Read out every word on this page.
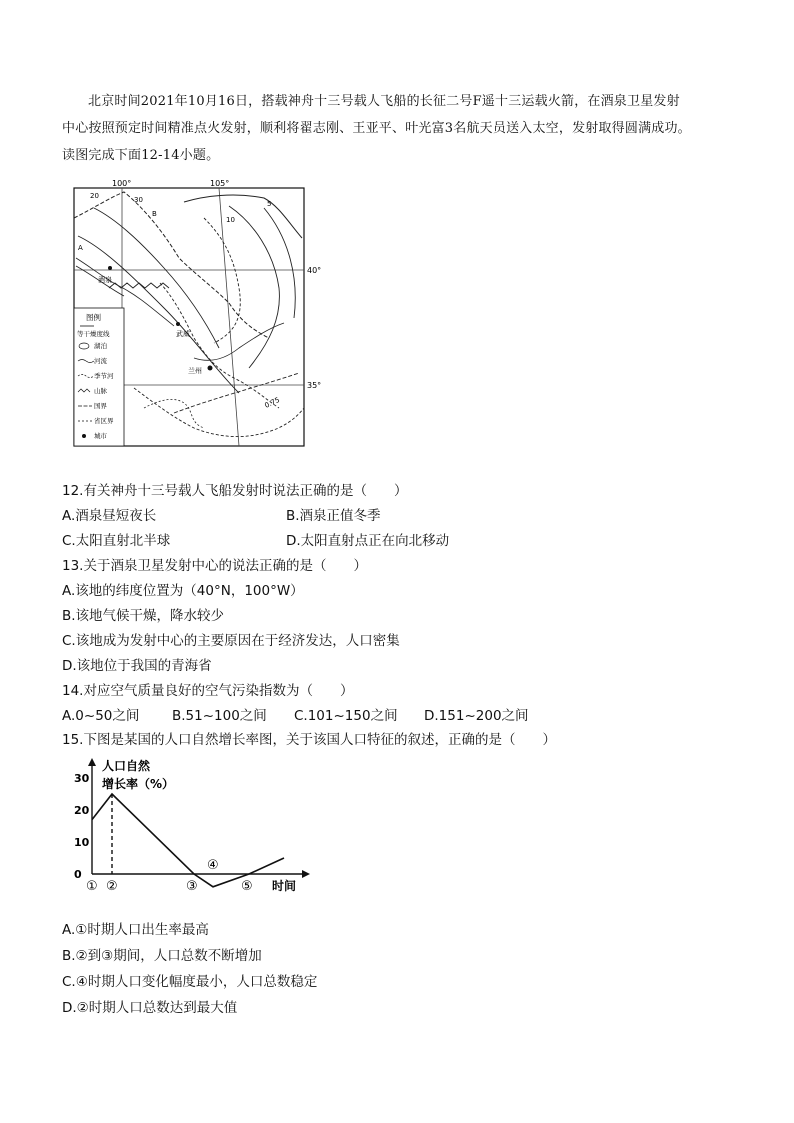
北京时间2021年10月16日，搭载神舟十三号载人飞船的长征二号F遥十三运载火箭，在酒泉卫星发射

中心按照预定时间精准点火发射，顺利将翟志刚、王亚平、叶光富3名航天员送入太空，发射取得圆满成功。
读图完成下面12-14小题。
100°	105°
40°
35°
20	30
10
5
0.75
B
A
酒泉
武威
兰州
图例
等干燥度线
湖泊
河流
季节河
山脉
国界
省区界
城市
12.有关神舟十三号载人飞船发射时说法正确的是（　　）
A.酒泉昼短夜长	B.酒泉正值冬季
C.太阳直射北半球	D.太阳直射点正在向北移动
13.关于酒泉卫星发射中心的说法正确的是（　　）
A.该地的纬度位置为（40°N，100°W）
B.该地气候干燥，降水较少
C.该地成为发射中心的主要原因在于经济发达，人口密集
D.该地位于我国的青海省
14.对应空气质量良好的空气污染指数为（　　）
A.0~50之间 B.51~100之间 C.101~150之间 D.151~200之间
15.下图是某国的人口自然增长率图，关于该国人口特征的叙述，正确的是（　　）
人口自然
增长率（%）
时间
30
20
10
0
① ②	③
④
⑤
A.①时期人口出生率最高
B.②到③期间，人口总数不断增加
C.④时期人口变化幅度最小，人口总数稳定
D.②时期人口总数达到最大值
